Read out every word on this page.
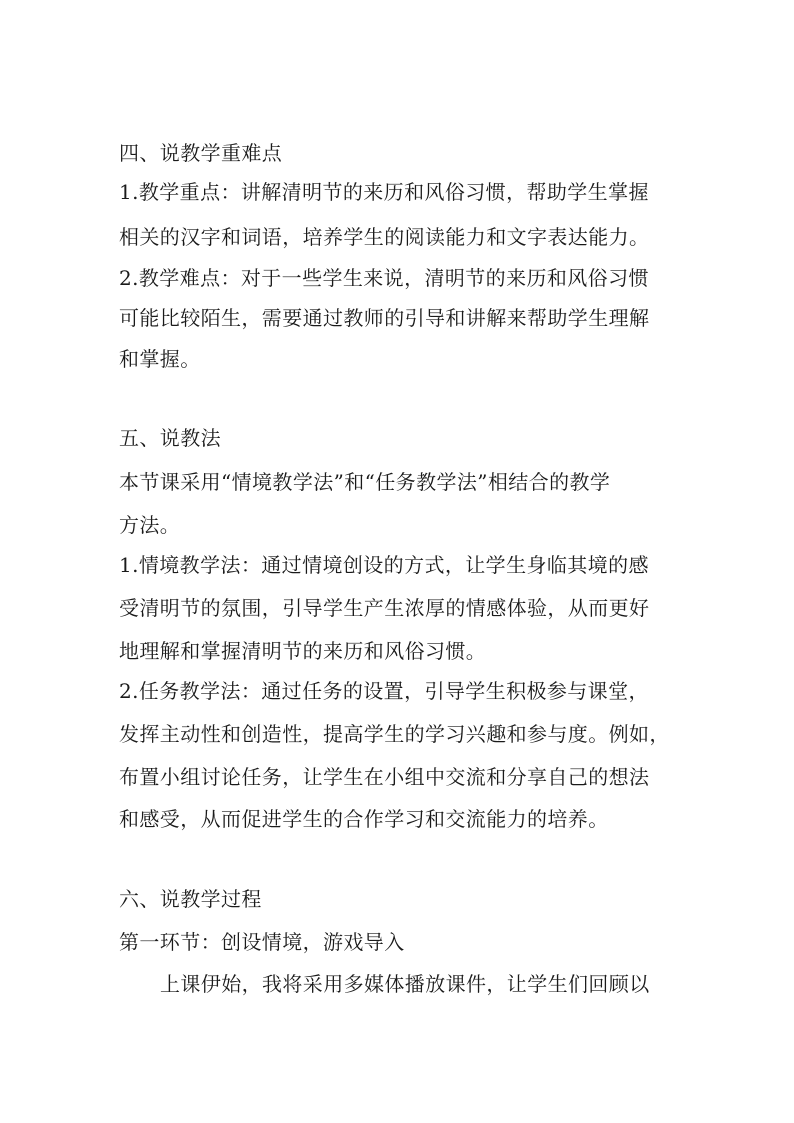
四、说教学重难点
1.教学重点：讲解清明节的来历和风俗习惯，帮助学生掌握
相关的汉字和词语，培养学生的阅读能力和文字表达能力。
2.教学难点：对于一些学生来说，清明节的来历和风俗习惯
可能比较陌生，需要通过教师的引导和讲解来帮助学生理解
和掌握。
五、说教法
本节课采用“情境教学法”和“任务教学法”相结合的教学
方法。
1.情境教学法：通过情境创设的方式，让学生身临其境的感
受清明节的氛围，引导学生产生浓厚的情感体验，从而更好
地理解和掌握清明节的来历和风俗习惯。
2.任务教学法：通过任务的设置，引导学生积极参与课堂，
发挥主动性和创造性，提高学生的学习兴趣和参与度。例如，
布置小组讨论任务，让学生在小组中交流和分享自己的想法
和感受，从而促进学生的合作学习和交流能力的培养。
六、说教学过程
第一环节：创设情境，游戏导入
上课伊始，我将采用多媒体播放课件，让学生们回顾以
